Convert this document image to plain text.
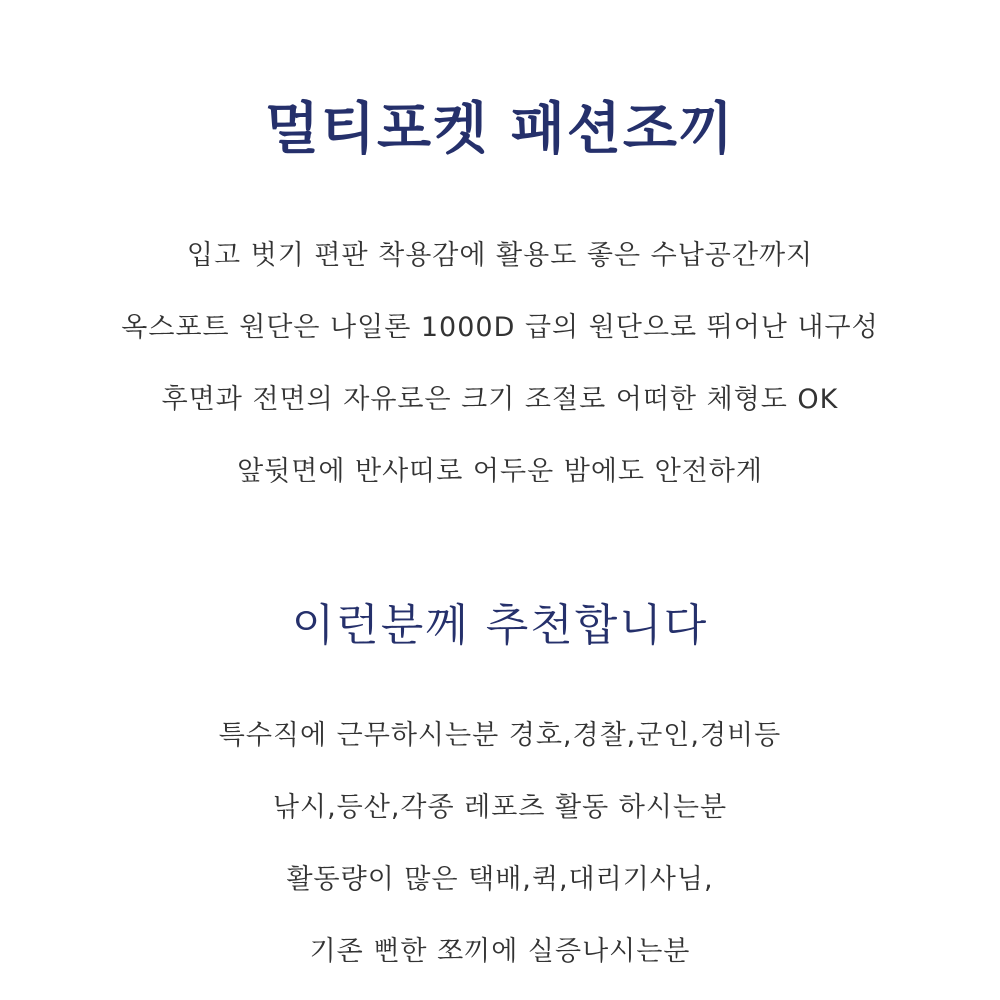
멀티포켓 패션조끼
입고 벗기 편판 착용감에 활용도 좋은 수납공간까지
옥스포트 원단은 나일론 1000D 급의 원단으로 뛰어난 내구성
후면과 전면의 자유로은 크기 조절로 어떠한 체형도 OK
앞뒷면에 반사띠로 어두운 밤에도 안전하게
이런분께 추천합니다
특수직에 근무하시는분 경호,경찰,군인,경비등
낚시,등산,각종 레포츠 활동 하시는분
활동량이 많은 택배,퀵,대리기사님,
기존 뻔한 쪼끼에 실증나시는분
